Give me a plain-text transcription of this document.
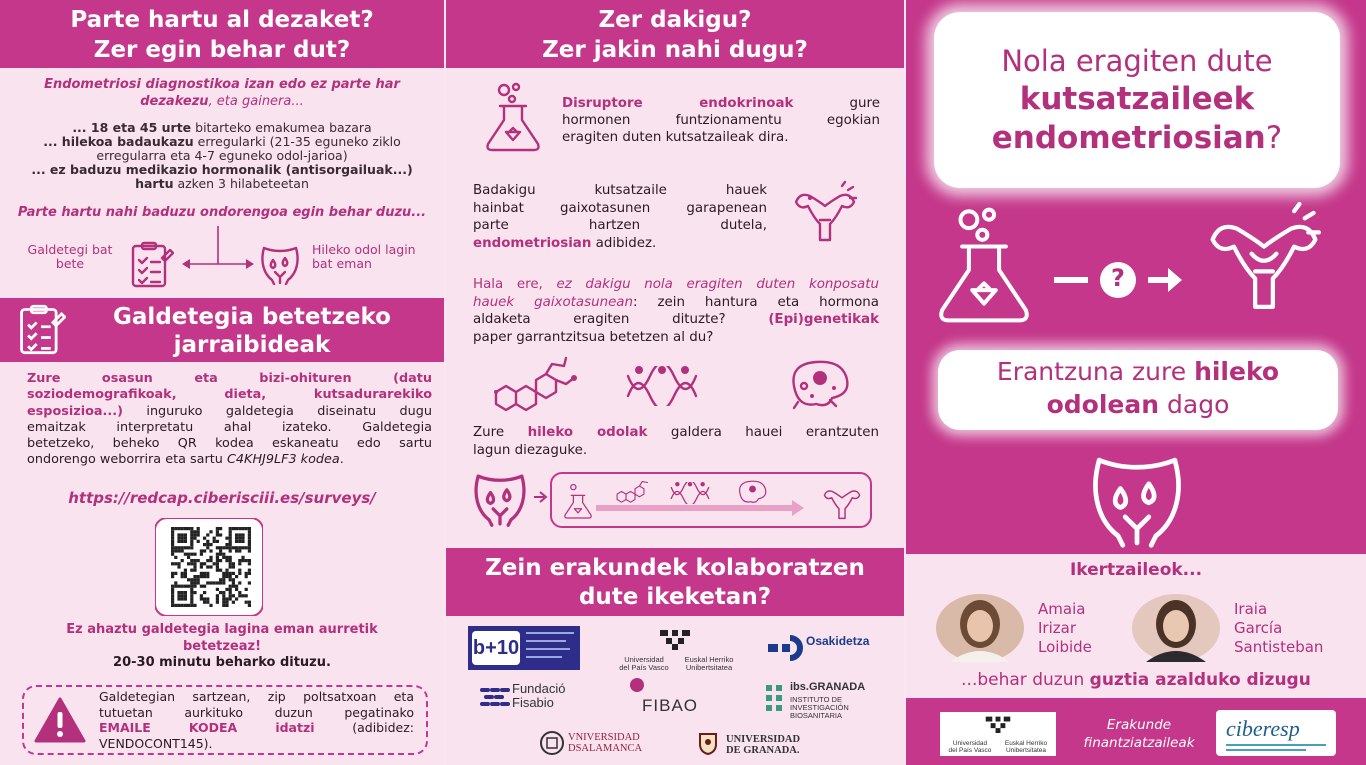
Parte hartu al dezaket?
Zer egin behar dut?
Endometriosi diagnostikoa izan edo ez parte har
dezakezu, eta gainera...
... 18 eta 45 urte bitarteko emakumea bazara
... hilekoa badaukazu erregularki (21-35 eguneko ziklo
erregularra eta 4-7 eguneko odol-jarioa)
... ez baduzu medikazio hormonalik (antisorgailuak...)
hartu azken 3 hilabeteetan
Parte hartu nahi baduzu ondorengoa egin behar duzu...
Galdetegi bat
bete
Hileko odol lagin
bat eman
Galdetegia betetzeko
jarraibideak
Zure osasun eta bizi-ohituren (datu
soziodemografikoak, dieta, kutsadurarekiko
esposizioa...) inguruko galdetegia diseinatu dugu
emaitzak interpretatu ahal izateko. Galdetegia
betetzeko, beheko QR kodea eskaneatu edo sartu
ondorengo weborrira eta sartu C4KHJ9LF3 kodea.
https://redcap.ciberisciii.es/surveys/
Ez ahaztu galdetegia lagina eman aurretik
betetzeaz!
20-30 minutu beharko dituzu.
Galdetegian sartzean, zip poltsatxoan eta
tutuetan aurkituko duzun pegatinako
EMAILE KODEA idatzi (adibidez:
VENDOCONT145).
Zer dakigu?
Zer jakin nahi dugu?
Disruptore endokrinoak gure
hormonen funtzionamentu egokian
eragiten duten kutsatzaileak dira.
Badakigu kutsatzaile hauek
hainbat gaixotasunen garapenean
parte hartzen dutela,
endometriosian adibidez.
Hala ere, ez dakigu nola eragiten duten konposatu
hauek gaixotasunean: zein hantura eta hormona
aldaketa eragiten dituzte? (Epi)genetikak
paper garrantzitsua betetzen al du?
Zure hileko odolak galdera hauei erantzuten
lagun diezaguke.
Zein erakundek kolaboratzen
dute ikeketan?
b+10
Universidad
del País Vasco
Euskal Herriko
Unibertsitatea
Osakidetza
Fundació
Fisabio	FIBAO
ibs.GRANADA
INSTITUTO DE
INVESTIGACIÓN
BIOSANITARIA
VNIVERSIDAD
DSALAMANCA
UNIVERSIDAD
DE GRANADA.
Nola eragiten dute
kutsatzaileek
endometriosian?
?
Erantzuna zure hileko
odolean dago
Ikertzaileok...
Amaia
Irizar
Loibide
Iraia
García
Santisteban
...behar duzun guztia azalduko dizugu
Universidad
del País Vasco
Euskal Herriko
Unibertsitatea
Erakunde
finantziatzaileak
ciberesp
